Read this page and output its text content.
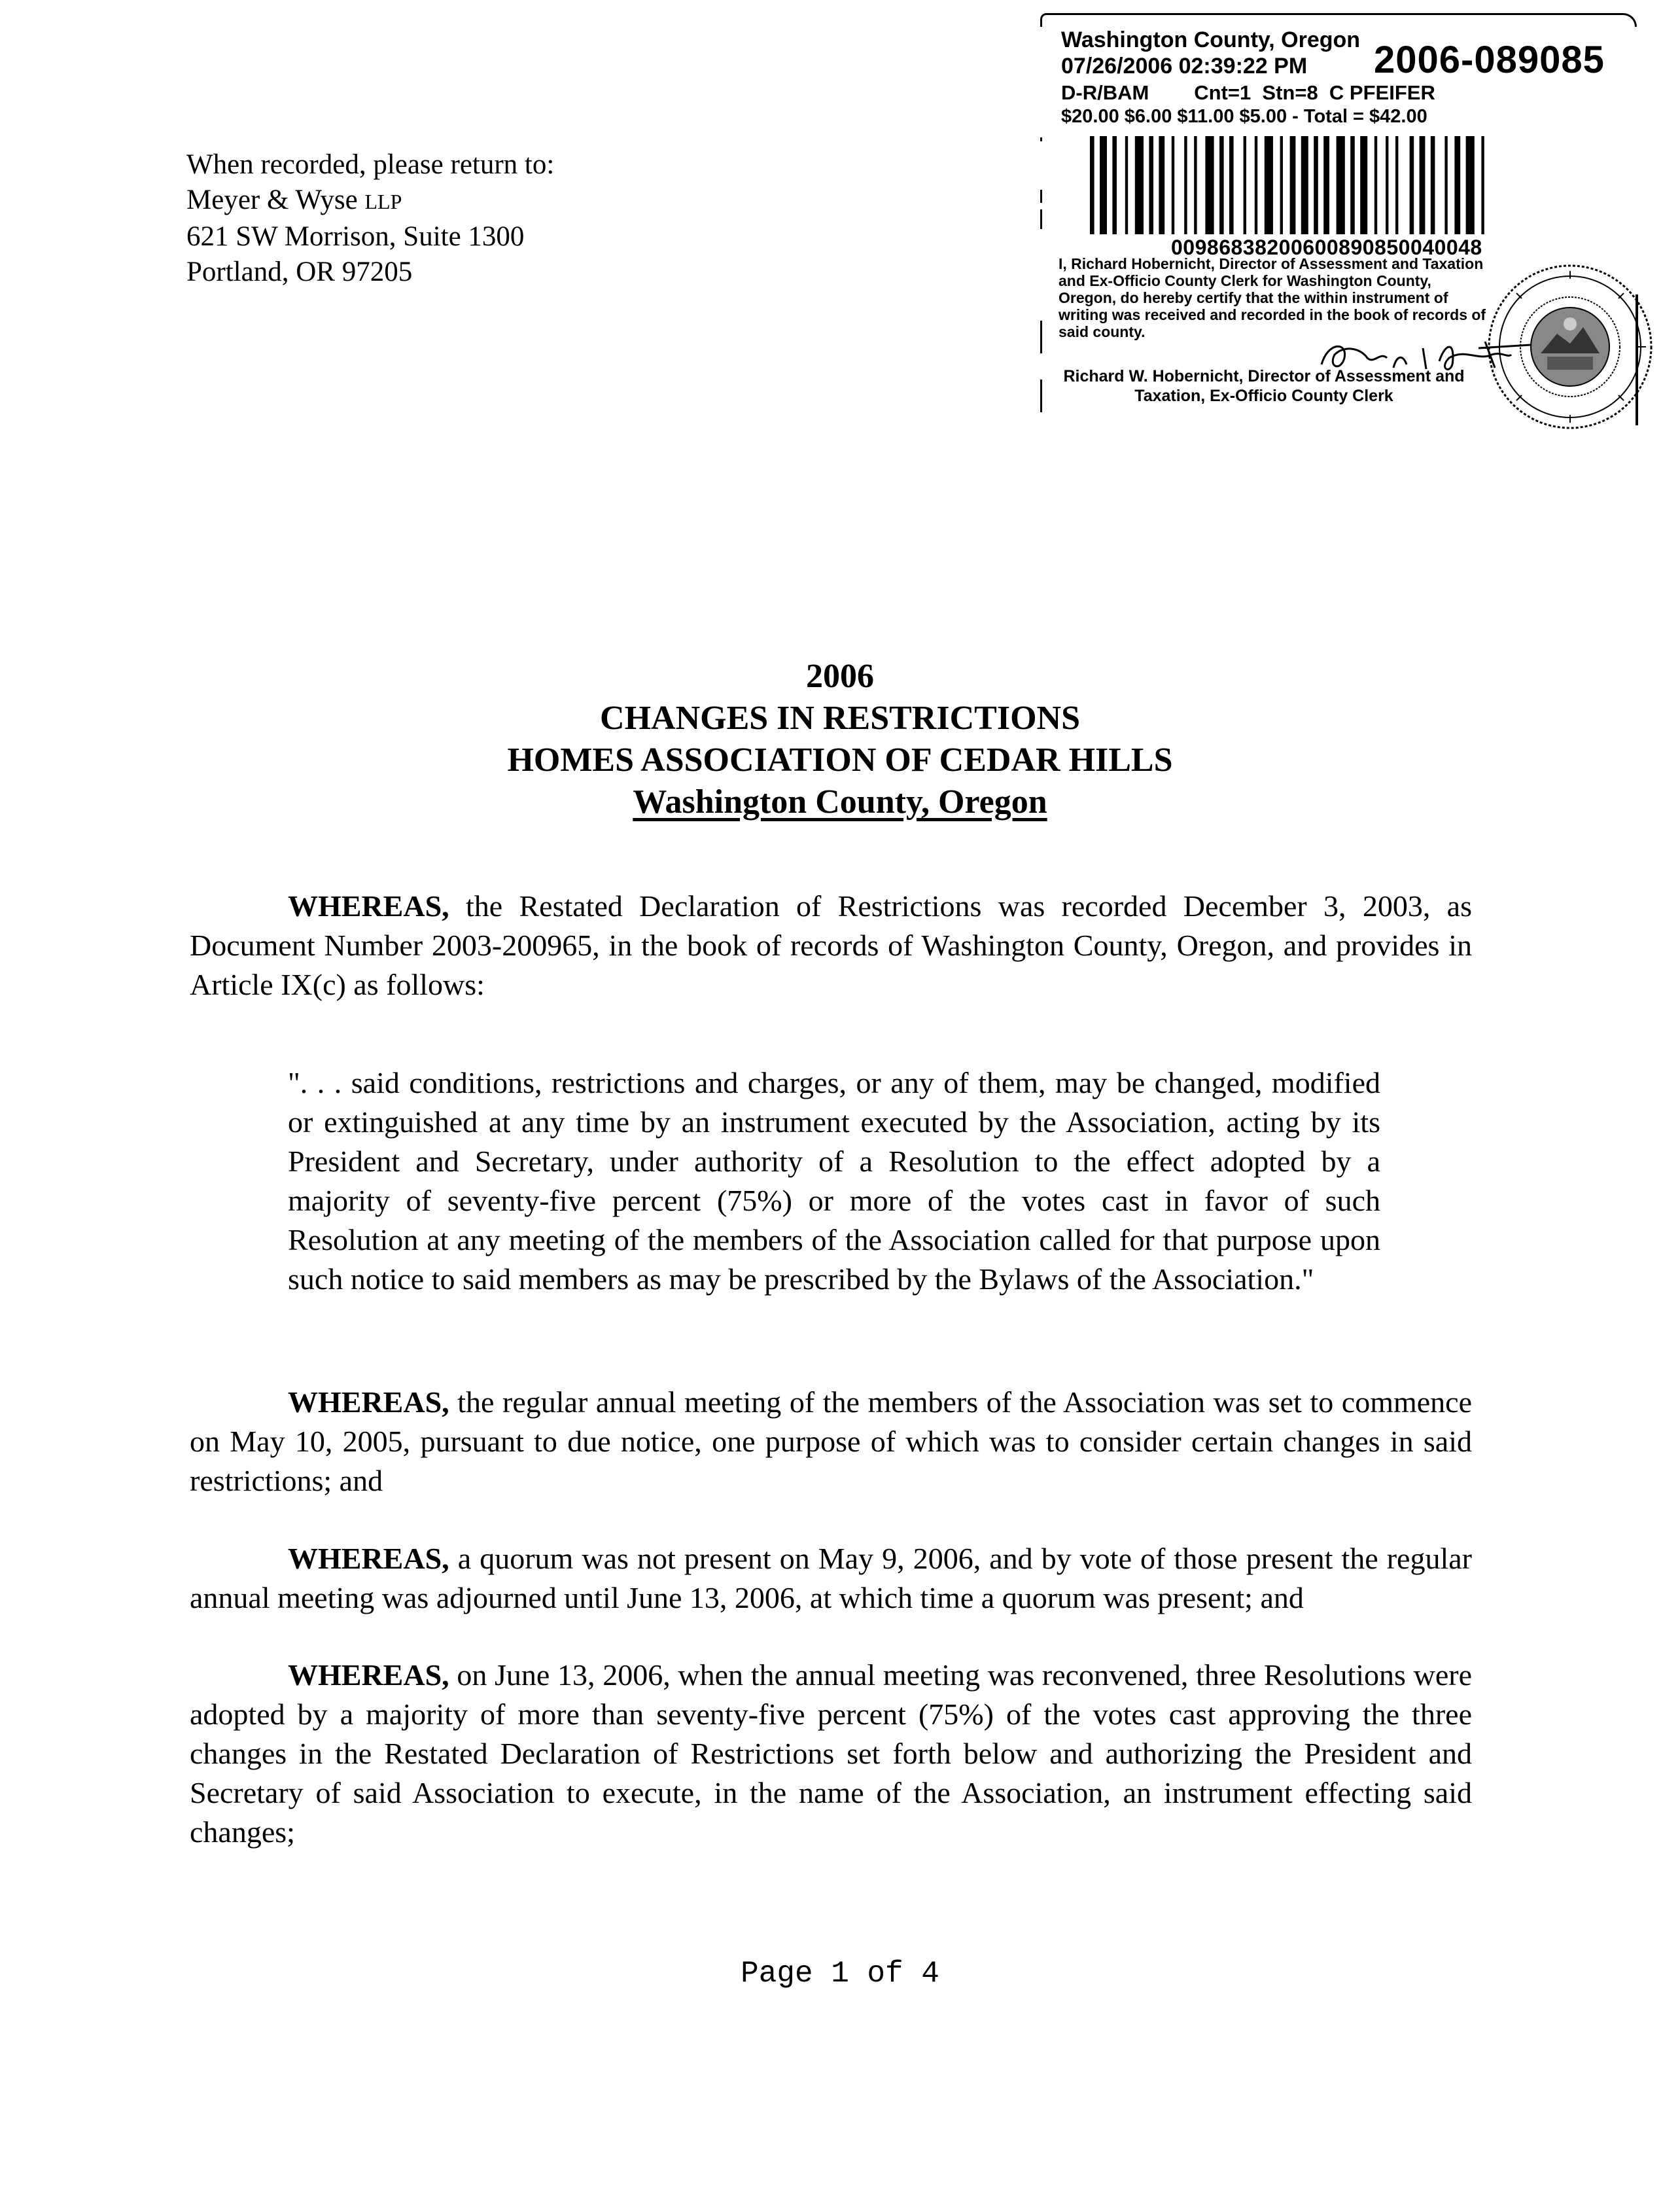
When recorded, please return to:
Meyer & Wyse LLP
621 SW Morrison, Suite 1300
Portland, OR 97205
Washington County, Oregon
07/26/2006 02:39:22 PM 2006-089085
D-R/BAM        Cnt=1  Stn=8  C PFEIFER
$20.00 $6.00 $11.00 $5.00 - Total = $42.00
00986838200600890850040048
I, Richard Hobernicht, Director of Assessment and Taxation and Ex-Officio County Clerk for Washington County, Oregon, do hereby certify that the within instrument of writing was received and recorded in the book of records of said county.
Richard W. Hobernicht, Director of Assessment and Taxation, Ex-Officio County Clerk
2006
CHANGES IN RESTRICTIONS
HOMES ASSOCIATION OF CEDAR HILLS
Washington County, Oregon

WHEREAS, the Restated Declaration of Restrictions was recorded December 3, 2003, as Document Number 2003-200965, in the book of records of Washington County, Oregon, and provides in Article IX(c) as follows:

". . . said conditions, restrictions and charges, or any of them, may be changed, modified or extinguished at any time by an instrument executed by the Association, acting by its President and Secretary, under authority of a Resolution to the effect adopted by a majority of seventy-five percent (75%) or more of the votes cast in favor of such Resolution at any meeting of the members of the Association called for that purpose upon such notice to said members as may be prescribed by the Bylaws of the Association."

WHEREAS, the regular annual meeting of the members of the Association was set to commence on May 10, 2005, pursuant to due notice, one purpose of which was to consider certain changes in said restrictions; and

WHEREAS, a quorum was not present on May 9, 2006, and by vote of those present the regular annual meeting was adjourned until June 13, 2006, at which time a quorum was present; and

WHEREAS, on June 13, 2006, when the annual meeting was reconvened, three Resolutions were adopted by a majority of more than seventy-five percent (75%) of the votes cast approving the three changes in the Restated Declaration of Restrictions set forth below and authorizing the President and Secretary of said Association to execute, in the name of the Association, an instrument effecting said changes;

Page 1 of 4
